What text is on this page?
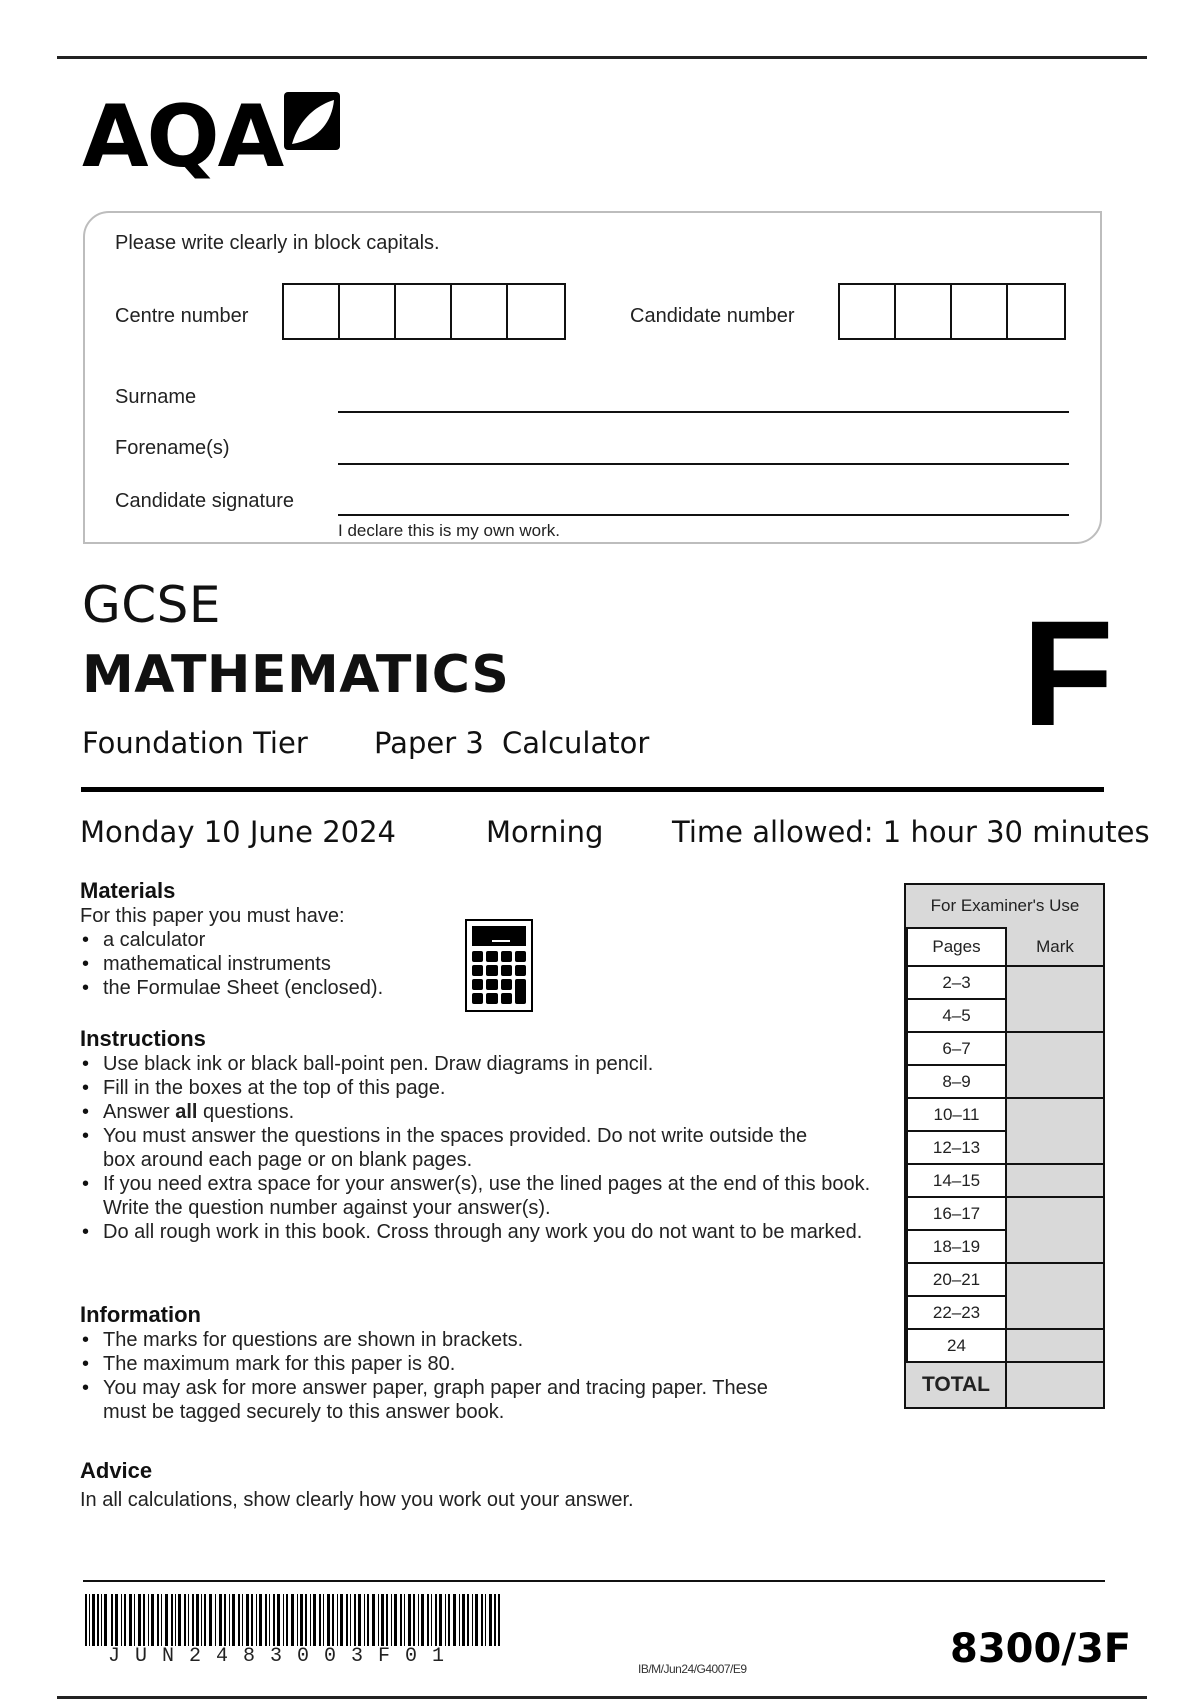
AQA
Please write clearly in block capitals.
Centre number	Candidate number
Surname
Forename(s)
Candidate signature
I declare this is my own work.
GCSE
MATHEMATICS
Foundation Tier Paper 3 Calculator F
Monday 10 June 2024	Morning Time allowed: 1 hour 30 minutes
Materials
For this paper you must have:
• a calculator
• mathematical instruments
• the Formulae Sheet (enclosed).
Instructions
• Use black ink or black ball-point pen. Draw diagrams in pencil.
• Fill in the boxes at the top of this page.
• Answer all questions.
• You must answer the questions in the spaces provided. Do not write outside the box around each page or on blank pages.
• If you need extra space for your answer(s), use the lined pages at the end of this book. Write the question number against your answer(s).
• Do all rough work in this book. Cross through any work you do not want to be marked.
Information
• The marks for questions are shown in brackets.
• The maximum mark for this paper is 80.
• You may ask for more answer paper, graph paper and tracing paper. These must be tagged securely to this answer book.
Advice
In all calculations, show clearly how you work out your answer.
For Examiner's Use	
Pages	Mark
2–3	
4–5	
6–7	
8–9	
10–11	
12–13	
14–15	
16–17	
18–19	
20–21	
22–23	
24	
TOTAL	
JUN2483003F01
IB/M/Jun24/G4007/E9	8300/3F
